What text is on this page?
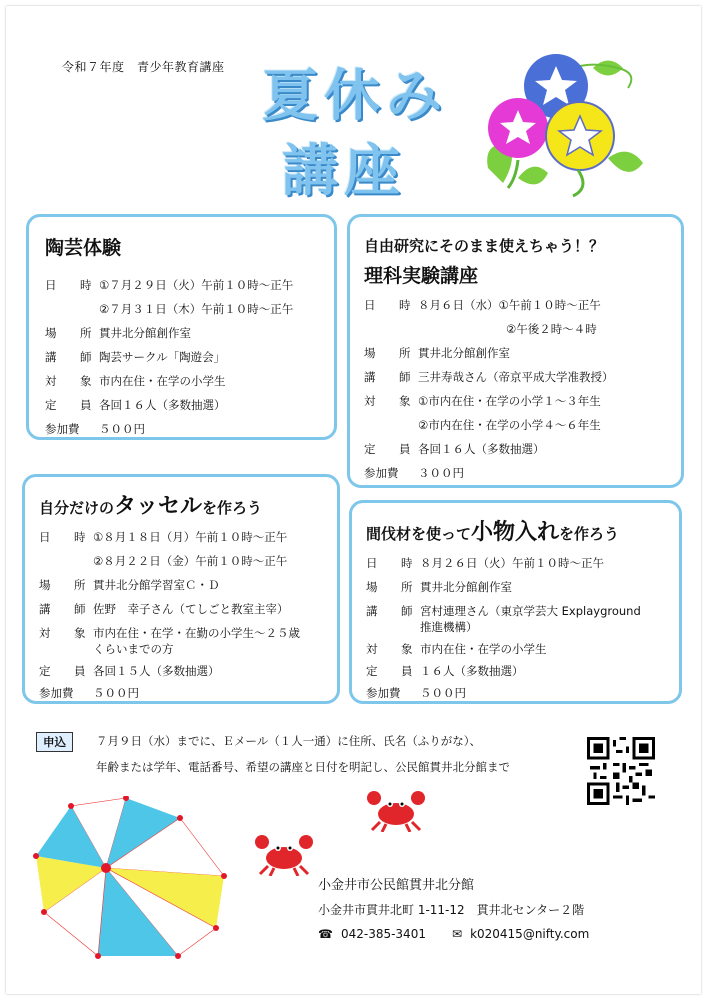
令和７年度　青少年教育講座 夏休み
講座
陶芸体験
日　時 ①７月２９日（火）午前１０時～正午
②７月３１日（木）午前１０時～正午
場　所 貫井北分館創作室
講　師 陶芸サークル「陶遊会」
対　象 市内在住・在学の小学生
定　員 各回１６人（多数抽選）
参加費 ５００円
自由研究にそのまま使えちゃう！？
理科実験講座
日　時 ８月６日（水）①午前１０時～正午
②午後２時～４時
場　所 貫井北分館創作室
講　師 三井寿哉さん（帝京平成大学准教授）
対　象 ①市内在住・在学の小学１～３年生
②市内在住・在学の小学４～６年生
定　員 各回１６人（多数抽選）
参加費 ３００円
自分だけのタッセルを作ろう
日　時 ①８月１８日（月）午前１０時～正午
②８月２２日（金）午前１０時～正午
場　所 貫井北分館学習室Ｃ・Ｄ
講　師 佐野　幸子さん（てしごと教室主宰）
対　象 市内在住・在学・在勤の小学生～２５歳
くらいまでの方
定　員 各回１５人（多数抽選）
参加費 ５００円
間伐材を使って小物入れを作ろう
日　時 ８月２６日（火）午前１０時～正午
場　所 貫井北分館創作室
講　師 宮村連理さん（東京学芸大 Explayground
推進機構）
対　象 市内在住・在学の小学生
定　員 １６人（多数抽選）
参加費 ５００円
申込	７月９日（水）までに、Ｅメール（１人一通）に住所、氏名（ふりがな）、
年齢または学年、電話番号、希望の講座と日付を明記し、公民館貫井北分館まで
小金井市公民館貫井北分館
小金井市貫井北町 1-11-12　貫井北センター２階
☎ 042-385-3401 ✉ k020415@nifty.com
